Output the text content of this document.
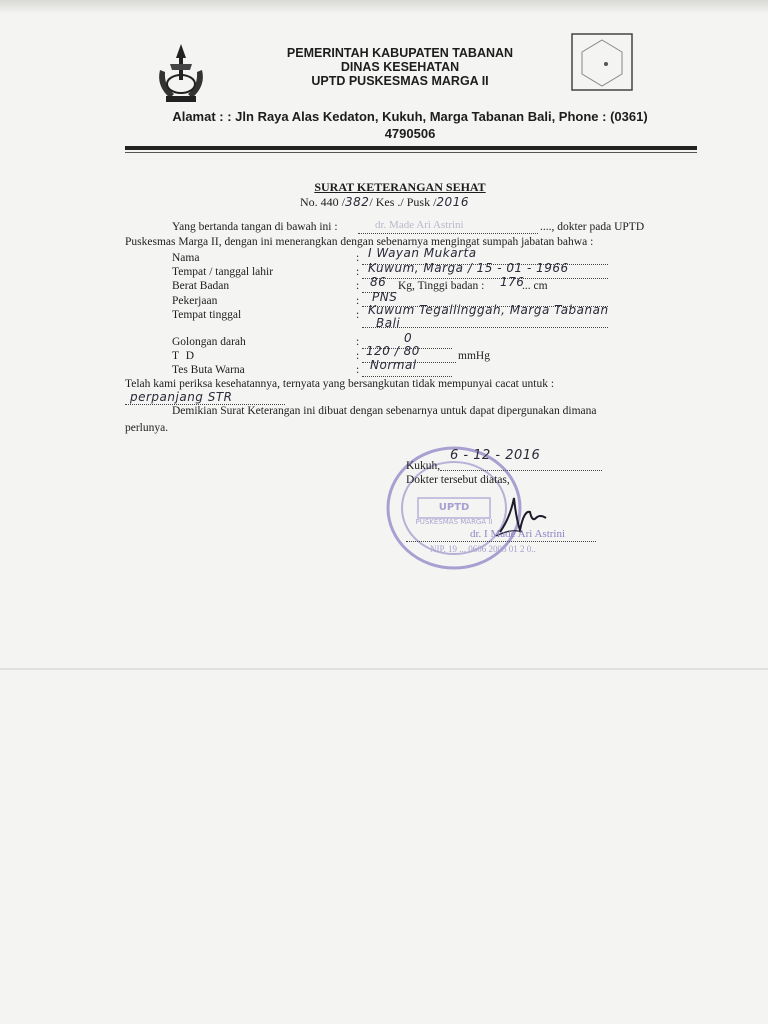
PEMERINTAH KABUPATEN TABANAN
DINAS KESEHATAN
UPTD PUSKESMAS MARGA II
Alamat : : Jln Raya Alas Kedaton, Kukuh, Marga Tabanan Bali, Phone : (0361)
4790506
SURAT KETERANGAN SEHAT
No. 440 /382/ Kes ./ Pusk /2016
Yang bertanda tangan di bawah ini :	dr. Made Ari Astrini	...., dokter pada UPTD
Puskesmas Marga II, dengan ini menerangkan dengan sebenarnya mengingat sumpah jabatan bahwa :
Nama	: I Wayan Mukarta
Tempat / tanggal lahir	: Kuwum, Marga / 15 - 01 - 1966
Berat Badan	: 86 Kg, Tinggi badan : 176
... cm
Pekerjaan	: PNS
Tempat tinggal	: Kuwum Tegallinggah, Marga Tabanan
Bali
Golongan darah	:	0
T D	: 120 / 80	mmHg
Tes Buta Warna	: Normal
Telah kami periksa kesehatannya, ternyata yang bersangkutan tidak mempunyai cacat untuk :
perpanjang STR
Demikian Surat Keterangan ini dibuat dengan sebenarnya untuk dapat dipergunakan dimana
perlunya.
UPTD
PUSKESMAS MARGA II
Kukuh,
6 - 12 - 2016
Dokter tersebut diatas,
dr. I Made Ari Astrini
NIP. 19 ... 0606 2005 01 2 0..
